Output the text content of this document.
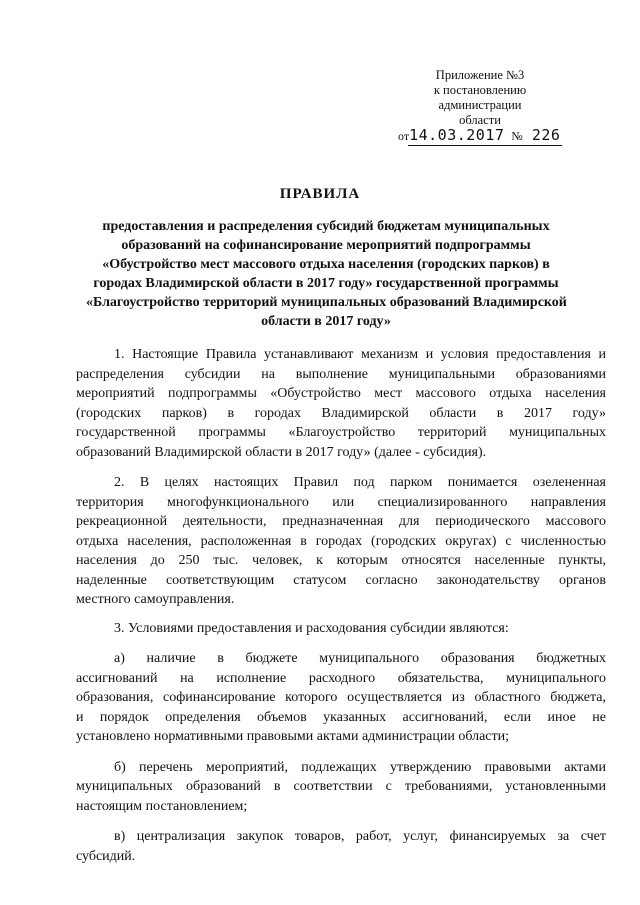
Приложение №3
к постановлению
администрации
области
от14.03.2017 № 226
ПРАВИЛА
предоставления и распределения субсидий бюджетам муниципальных
образований на софинансирование мероприятий подпрограммы
«Обустройство мест массового отдыха населения (городских парков) в
городах Владимирской области в 2017 году» государственной программы
«Благоустройство территорий муниципальных образований Владимирской
области в 2017 году»

1. Настоящие Правила устанавливают механизм и условия предоставления и
распределения субсидии на выполнение муниципальными образованиями
мероприятий подпрограммы «Обустройство мест массового отдыха населения
(городских парков) в городах Владимирской области в 2017 году»
государственной программы «Благоустройство территорий муниципальных
образований Владимирской области в 2017 году» (далее - субсидия).

2. В целях настоящих Правил под парком понимается озелененная
территория многофункционального или специализированного направления
рекреационной деятельности, предназначенная для периодического массового
отдыха населения, расположенная в городах (городских округах) с численностью
населения до 250 тыс. человек, к которым относятся населенные пункты,
наделенные соответствующим статусом согласно законодательству органов
местного самоуправления.

3. Условиями предоставления и расходования субсидии являются:

а) наличие в бюджете муниципального образования бюджетных
ассигнований на исполнение расходного обязательства, муниципального
образования, софинансирование которого осуществляется из областного бюджета,
и порядок определения объемов указанных ассигнований, если иное не
установлено нормативными правовыми актами администрации области;

б) перечень мероприятий, подлежащих утверждению правовыми актами
муниципальных образований в соответствии с требованиями, установленными
настоящим постановлением;

в) централизация закупок товаров, работ, услуг, финансируемых за счет
субсидий.
